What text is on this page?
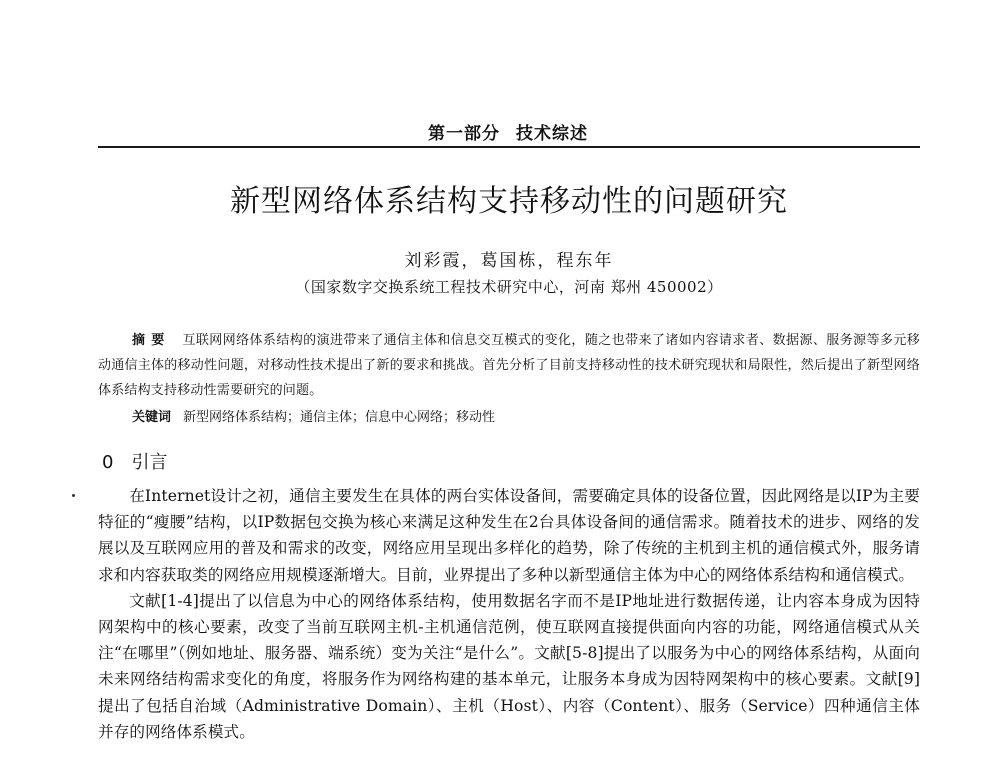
第一部分 技术综述
新型网络体系结构支持移动性的问题研究
刘彩霞，葛国栋，程东年
（国家数字交换系统工程技术研究中心，河南 郑州 450002）
摘要 互联网网络体系结构的演进带来了通信主体和信息交互模式的变化，随之也带来了诸如内容请求者、数据源、服务源等多元移动通信主体的移动性问题，对移动性技术提出了新的要求和挑战。首先分析了目前支持移动性的技术研究现状和局限性，然后提出了新型网络体系结构支持移动性需要研究的问题。
关键词 新型网络体系结构；通信主体；信息中心网络；移动性
0 引言

在Internet设计之初，通信主要发生在具体的两台实体设备间，需要确定具体的设备位置，因此网络是以IP为主要特征的“瘦腰”结构，以IP数据包交换为核心来满足这种发生在2台具体设备间的通信需求。随着技术的进步、网络的发展以及互联网应用的普及和需求的改变，网络应用呈现出多样化的趋势，除了传统的主机到主机的通信模式外，服务请求和内容获取类的网络应用规模逐渐增大。目前，业界提出了多种以新型通信主体为中心的网络体系结构和通信模式。

文献[1-4]提出了以信息为中心的网络体系结构，使用数据名字而不是IP地址进行数据传递，让内容本身成为因特网架构中的核心要素，改变了当前互联网主机-主机通信范例，使互联网直接提供面向内容的功能，网络通信模式从关注“在哪里”（例如地址、服务器、端系统）变为关注“是什么”。文献[5-8]提出了以服务为中心的网络体系结构，从面向未来网络结构需求变化的角度，将服务作为网络构建的基本单元，让服务本身成为因特网架构中的核心要素。文献[9]提出了包括自治域（Administrative Domain）、主机（Host）、内容（Content）、服务（Service）四种通信主体并存的网络体系模式。
